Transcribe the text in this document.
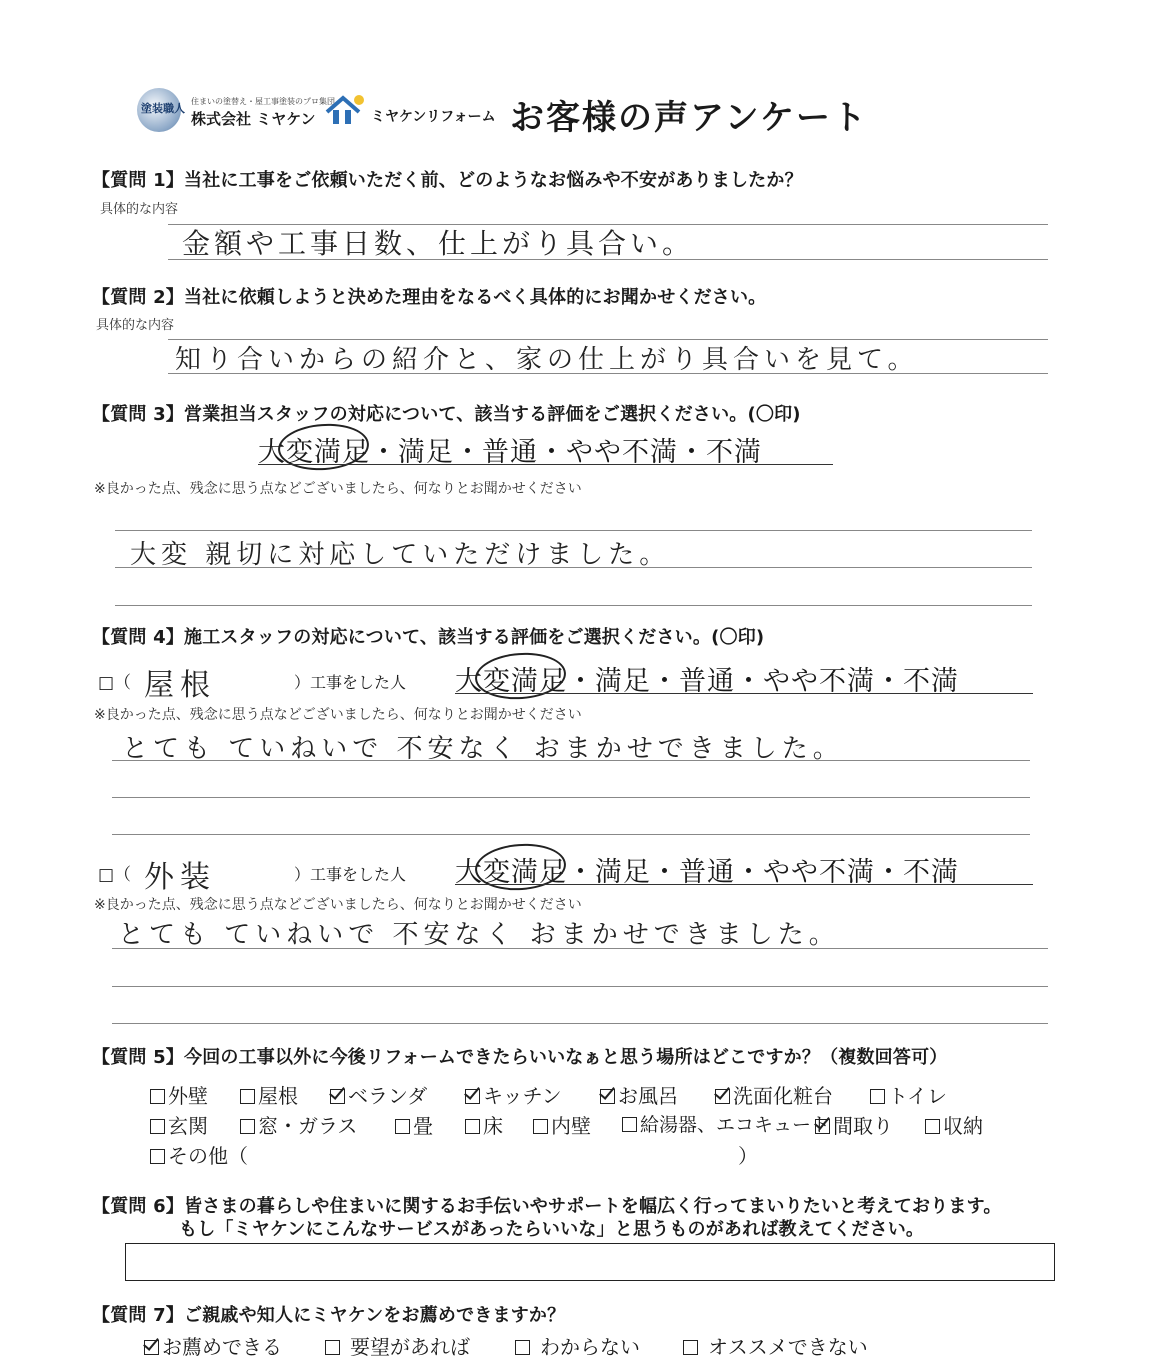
塗装職人
住まいの塗替え・屋工事塗装のプロ集団
株式会社 ミヤケン	ミヤケンリフォーム お客様の声アンケート
【質問 1】当社に工事をご依頼いただく前、どのようなお悩みや不安がありましたか？
具体的な内容
金額や工事日数、仕上がり具合い。
【質問 2】当社に依頼しようと決めた理由をなるべく具体的にお聞かせください。
具体的な内容
知り合いからの紹介と、家の仕上がり具合いを見て。
【質問 3】営業担当スタッフの対応について、該当する評価をご選択ください。(〇印)
大変満足・満足・普通・やや不満・不満
※良かった点、残念に思う点などございましたら、何なりとお聞かせください
大変 親切に対応していただけました。
【質問 4】施工スタッフの対応について、該当する評価をご選択ください。(〇印)
□（ 屋根	）工事をした人 大変満足・満足・普通・やや不満・不満
※良かった点、残念に思う点などございましたら、何なりとお聞かせください
とても ていねいで 不安なく おまかせできました。
□（ 外装	）工事をした人 大変満足・満足・普通・やや不満・不満
※良かった点、残念に思う点などございましたら、何なりとお聞かせください
とても ていねいで 不安なく おまかせできました。
【質問 5】今回の工事以外に今後リフォームできたらいいなぁと思う場所はどこですか？（複数回答可）
外壁	屋根	ベランダ	キッチン	お風呂	洗面化粧台	トイレ
玄関	窓・ガラス	畳	床	内壁	給湯器、エコキュート 間取り	収納
その他（	）
【質問 6】皆さまの暮らしや住まいに関するお手伝いやサポートを幅広く行ってまいりたいと考えております。
もし「ミヤケンにこんなサービスがあったらいいな」と思うものがあれば教えてください。
【質問 7】ご親戚や知人にミヤケンをお薦めできますか？
お薦めできる	要望があれば	わからない	オススメできない
